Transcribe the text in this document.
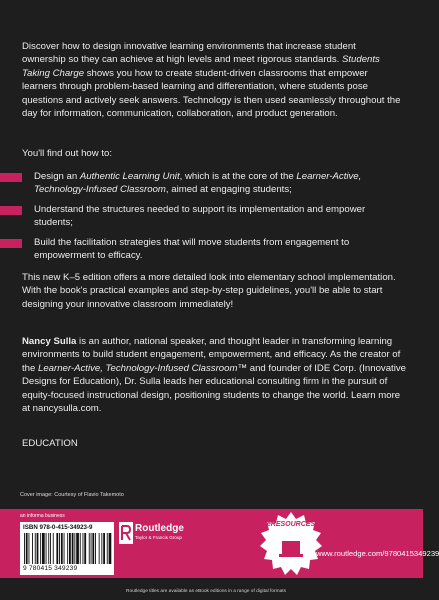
Discover how to design innovative learning environments that increase student ownership so they can achieve at high levels and meet rigorous standards. Students Taking Charge shows you how to create student-driven classrooms that empower learners through problem-based learning and differentiation, where students pose questions and actively seek answers. Technology is then used seamlessly throughout the day for information, communication, collaboration, and product generation.

You'll find out how to:

Design an Authentic Learning Unit, which is at the core of the Learner-Active, Technology-Infused Classroom, aimed at engaging students;

Understand the structures needed to support its implementation and empower students;

Build the facilitation strategies that will move students from engagement to empowerment to efficacy.

This new K–5 edition offers a more detailed look into elementary school implementation. With the book's practical examples and step-by-step guidelines, you'll be able to start designing your innovative classroom immediately!

Nancy Sulla is an author, national speaker, and thought leader in transforming learning environments to build student engagement, empowerment, and efficacy. As the creator of the Learner-Active, Technology-Infused Classroom™ and founder of IDE Corp. (Innovative Designs for Education), Dr. Sulla leads her educational consulting firm in the pursuit of equity-focused instructional design, positioning students to change the world. Learn more at nancysulla.com.

EDUCATION

Cover image: Courtesy of Flavio Takemoto

an informa business
ISBN 978-0-415-34923-9
9 780415 349239
Routledge
Taylor & Francis Group
eRESOURCES
www.routledge.com/9780415349239

Routledge titles are available as eBook editions in a range of digital formats
